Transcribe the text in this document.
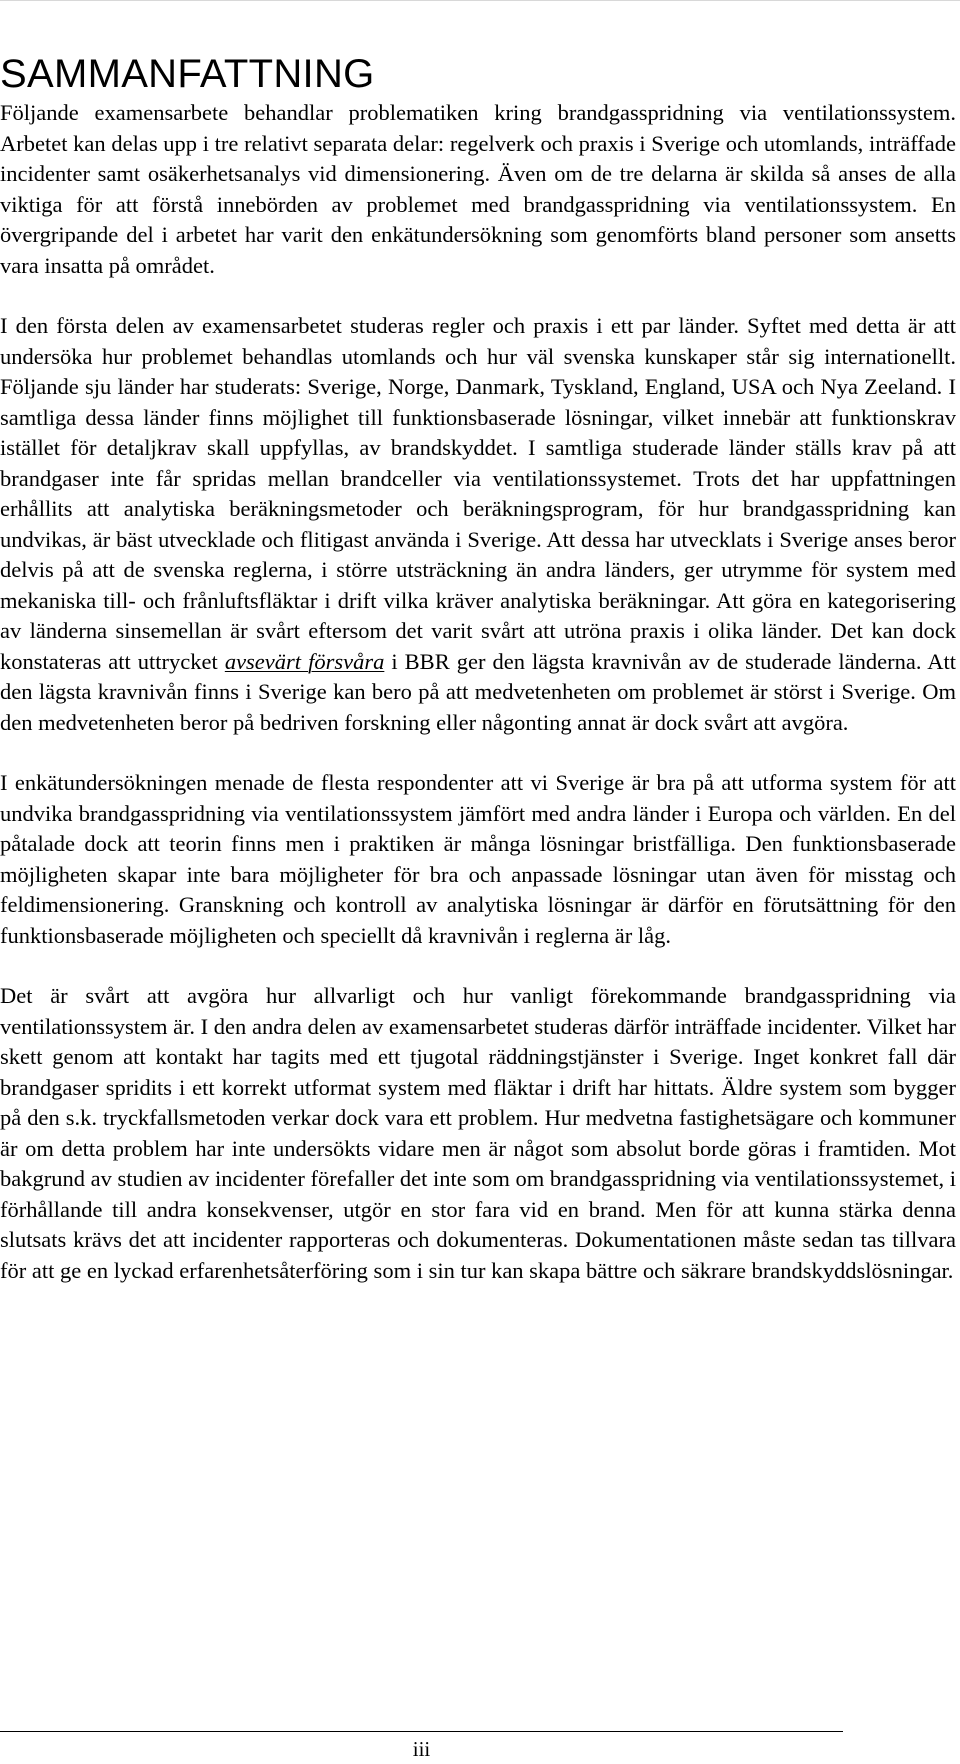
SAMMANFATTNING

Följande examensarbete behandlar problematiken kring brandgasspridning via ventilationssystem. Arbetet kan delas upp i tre relativt separata delar: regelverk och praxis i Sverige och utomlands, inträffade incidenter samt osäkerhetsanalys vid dimensionering. Även om de tre delarna är skilda så anses de alla viktiga för att förstå innebörden av problemet med brandgasspridning via ventilationssystem. En övergripande del i arbetet har varit den enkätundersökning som genomförts bland personer som ansetts vara insatta på området.

I den första delen av examensarbetet studeras regler och praxis i ett par länder. Syftet med detta är att undersöka hur problemet behandlas utomlands och hur väl svenska kunskaper står sig internationellt. Följande sju länder har studerats: Sverige, Norge, Danmark, Tyskland, England, USA och Nya Zeeland. I samtliga dessa länder finns möjlighet till funktionsbaserade lösningar, vilket innebär att funktionskrav istället för detaljkrav skall uppfyllas, av brandskyddet. I samtliga studerade länder ställs krav på att brandgaser inte får spridas mellan brandceller via ventilationssystemet. Trots det har uppfattningen erhållits att analytiska beräkningsmetoder och beräkningsprogram, för hur brandgasspridning kan undvikas, är bäst utvecklade och flitigast använda i Sverige. Att dessa har utvecklats i Sverige anses beror delvis på att de svenska reglerna, i större utsträckning än andra länders, ger utrymme för system med mekaniska till- och frånluftsfläktar i drift vilka kräver analytiska beräkningar. Att göra en kategorisering av länderna sinsemellan är svårt eftersom det varit svårt att utröna praxis i olika länder. Det kan dock konstateras att uttrycket avsevärt försvåra i BBR ger den lägsta kravnivån av de studerade länderna. Att den lägsta kravnivån finns i Sverige kan bero på att medvetenheten om problemet är störst i Sverige. Om den medvetenheten beror på bedriven forskning eller någonting annat är dock svårt att avgöra.

I enkätundersökningen menade de flesta respondenter att vi Sverige är bra på att utforma system för att undvika brandgasspridning via ventilationssystem jämfört med andra länder i Europa och världen. En del påtalade dock att teorin finns men i praktiken är många lösningar bristfälliga. Den funktionsbaserade möjligheten skapar inte bara möjligheter för bra och anpassade lösningar utan även för misstag och feldimensionering. Granskning och kontroll av analytiska lösningar är därför en förutsättning för den funktionsbaserade möjligheten och speciellt då kravnivån i reglerna är låg.

Det är svårt att avgöra hur allvarligt och hur vanligt förekommande brandgasspridning via ventilationssystem är. I den andra delen av examensarbetet studeras därför inträffade incidenter. Vilket har skett genom att kontakt har tagits med ett tjugotal räddningstjänster i Sverige. Inget konkret fall där brandgaser spridits i ett korrekt utformat system med fläktar i drift har hittats. Äldre system som bygger på den s.k. tryckfallsmetoden verkar dock vara ett problem. Hur medvetna fastighetsägare och kommuner är om detta problem har inte undersökts vidare men är något som absolut borde göras i framtiden. Mot bakgrund av studien av incidenter förefaller det inte som om brandgasspridning via ventilationssystemet, i förhållande till andra konsekvenser, utgör en stor fara vid en brand. Men för att kunna stärka denna slutsats krävs det att incidenter rapporteras och dokumenteras. Dokumentationen måste sedan tas tillvara för att ge en lyckad erfarenhetsåterföring som i sin tur kan skapa bättre och säkrare brandskyddslösningar.

iii
